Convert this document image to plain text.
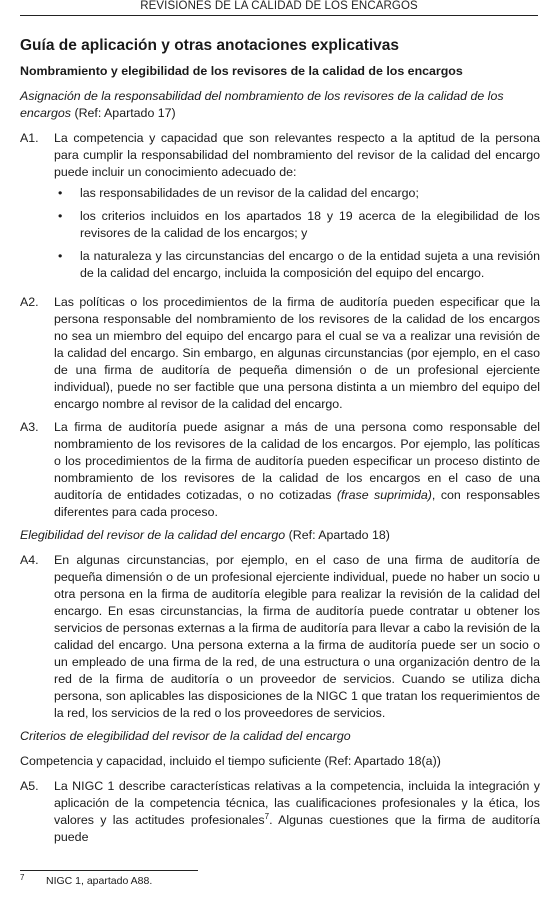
REVISIONES DE LA CALIDAD DE LOS ENCARGOS
Guía de aplicación y otras anotaciones explicativas
Nombramiento y elegibilidad de los revisores de la calidad de los encargos
Asignación de la responsabilidad del nombramiento de los revisores de la calidad de los encargos (Ref: Apartado 17)
A1.	La competencia y capacidad que son relevantes respecto a la aptitud de la persona para cumplir la responsabilidad del nombramiento del revisor de la calidad del encargo puede incluir un conocimiento adecuado de:
•	las responsabilidades de un revisor de la calidad del encargo;
•	los criterios incluidos en los apartados 18 y 19 acerca de la elegibilidad de los revisores de la calidad de los encargos; y
•	la naturaleza y las circunstancias del encargo o de la entidad sujeta a una revisión de la calidad del encargo, incluida la composición del equipo del encargo.
A2.	Las políticas o los procedimientos de la firma de auditoría pueden especificar que la persona responsable del nombramiento de los revisores de la calidad de los encargos no sea un miembro del equipo del encargo para el cual se va a realizar una revisión de la calidad del encargo. Sin embargo, en algunas circunstancias (por ejemplo, en el caso de una firma de auditoría de pequeña dimensión o de un profesional ejerciente individual), puede no ser factible que una persona distinta a un miembro del equipo del encargo nombre al revisor de la calidad del encargo.
A3.	La firma de auditoría puede asignar a más de una persona como responsable del nombramiento de los revisores de la calidad de los encargos. Por ejemplo, las políticas o los procedimientos de la firma de auditoría pueden especificar un proceso distinto de nombramiento de los revisores de la calidad de los encargos en el caso de una auditoría de entidades cotizadas, o no cotizadas (frase suprimida), con responsables diferentes para cada proceso.
Elegibilidad del revisor de la calidad del encargo (Ref: Apartado 18)
A4.	En algunas circunstancias, por ejemplo, en el caso de una firma de auditoría de pequeña dimensión o de un profesional ejerciente individual, puede no haber un socio u otra persona en la firma de auditoría elegible para realizar la revisión de la calidad del encargo. En esas circunstancias, la firma de auditoría puede contratar u obtener los servicios de personas externas a la firma de auditoría para llevar a cabo la revisión de la calidad del encargo. Una persona externa a la firma de auditoría puede ser un socio o un empleado de una firma de la red, de una estructura o una organización dentro de la red de la firma de auditoría o un proveedor de servicios. Cuando se utiliza dicha persona, son aplicables las disposiciones de la NIGC 1 que tratan los requerimientos de la red, los servicios de la red o los proveedores de servicios.
Criterios de elegibilidad del revisor de la calidad del encargo
Competencia y capacidad, incluido el tiempo suficiente (Ref: Apartado 18(a))
A5.	La NIGC 1 describe características relativas a la competencia, incluida la integración y aplicación de la competencia técnica, las cualificaciones profesionales y la ética, los valores y las actitudes profesionales$^7$. Algunas cuestiones que la firma de auditoría puede
7	NIGC 1, apartado A88.
